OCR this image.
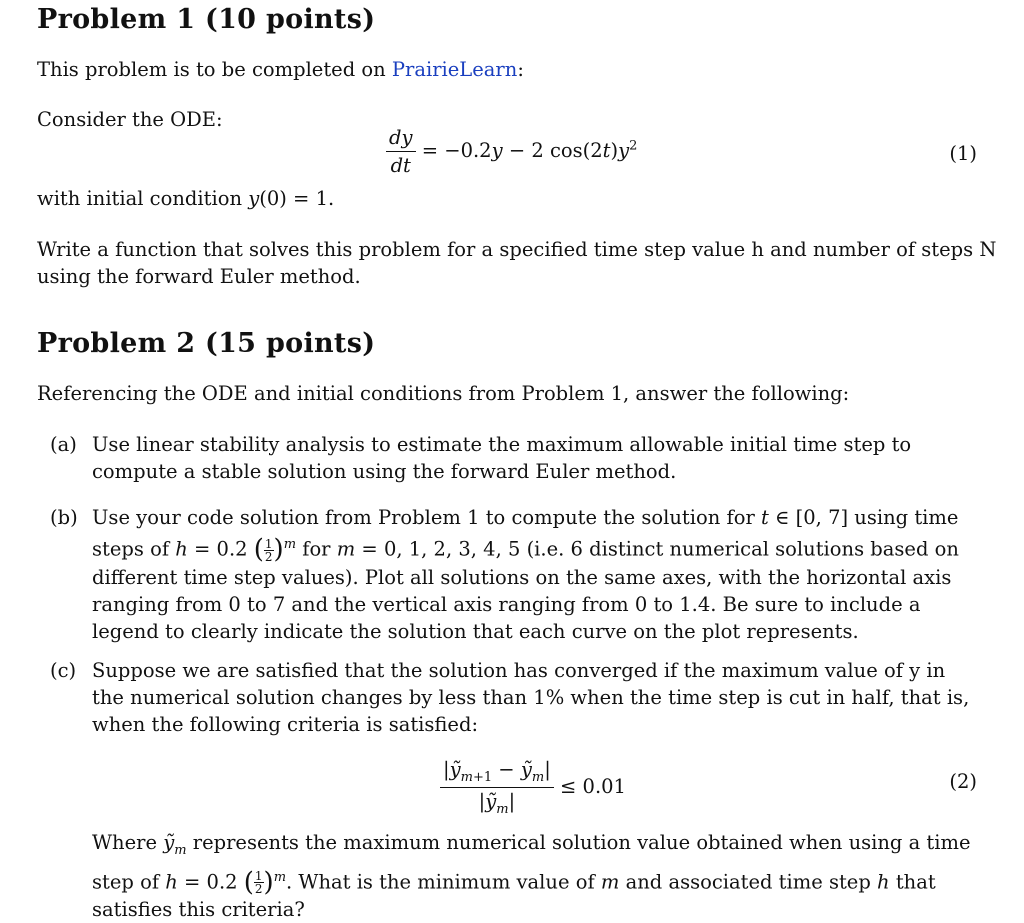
Problem 1 (10 points)

This problem is to be completed on PrairieLearn:

Consider the ODE:

$\frac{dy}{dt} = -0.2y - 2$ $\cos(2t)y^2$	(1)

with initial condition y(0) = 1.

Write a function that solves this problem for a specified time step value h and number of steps N

using the forward Euler method.

Problem 2 (15 points)

Referencing the ODE and initial conditions from Problem 1, answer the following:

(a) Use linear stability analysis to estimate the maximum allowable initial time step to compute a stable solution using the forward Euler method.
(b) Use your code solution from Problem 1 to compute the solution for t ∈ [0, 7] using time steps of h = 0.2 ( $\frac{1}{2} )^m$ for m = 0, 1, 2, 3, 4, 5 (i.e. 6 distinct numerical solutions based on different time step values). Plot all solutions on the same axes, with the horizontal axis ranging from 0 to 7 and the vertical axis ranging from 0 to 1.4. Be sure to include a legend to clearly indicate the solution that each curve on the plot represents.
(c) Suppose we are satisfied that the solution has converged if the maximum value of y in the numerical solution changes by less than 1% when the time step is cut in half, that is, when the following criteria is satisfied:
$\frac{|ỹ_{m+1} - ỹ_m|}{|ỹ_m|} \le 0.01$	(2)
Where ỹ$_m$ represents the maximum numerical solution value obtained when using a time step of h = 0.2 ( $\frac{1}{2} )^m$. What is the minimum value of m and associated time step h that satisfies this criteria?
